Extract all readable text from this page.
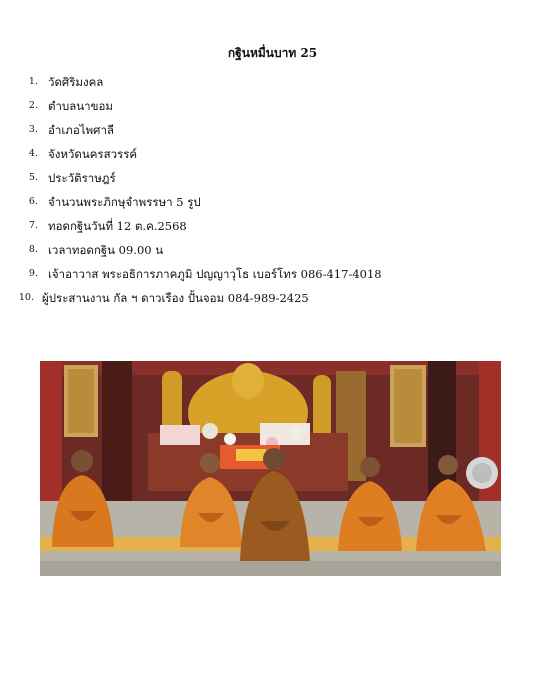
กฐินหมื่นบาท 25
1. วัดศิริมงคล
2. ตำบลนาขอม
3. อำเภอไพศาลี
4. จังหวัดนครสวรรค์
5. ประวัติราษฎร์
6. จำนวนพระภิกษุจำพรรษา 5 รูป
7. ทอดกฐินวันที่ 12 ต.ค.2568
8. เวลาทอดกฐิน 09.00 น
9. เจ้าอาวาส พระอธิการภาคภูมิ ปญญาวุโธ เบอร์โทร 086-417-4018
10. ผู้ประสานงาน กัล ฯ ดาวเรือง ปั้นจอม 084-989-2425
